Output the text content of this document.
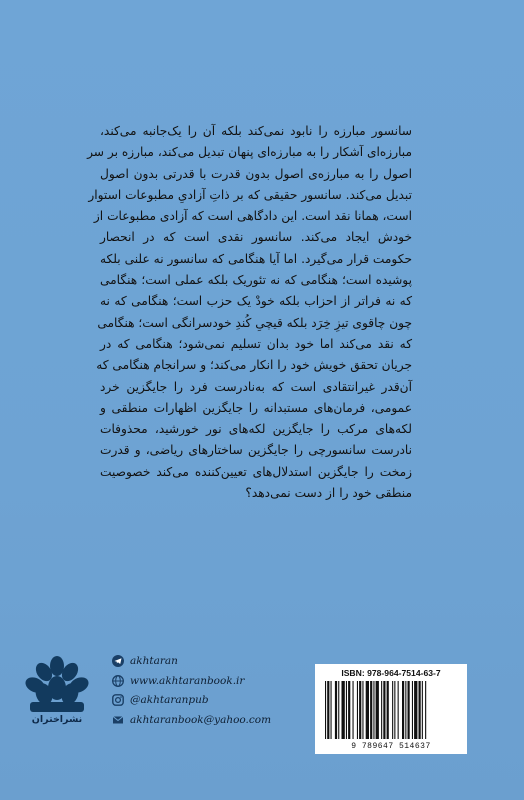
سانسور مبارزه را نابود نمی‌کند بلکه آن را یک‌جانبه می‌کند،
مبارزه‌ای آشکار را به مبارزه‌ای پنهان تبدیل می‌کند، مبارزه بر سر
اصول را به مبارزه‌ی اصول بدون قدرت با قدرتی بدون اصول
تبدیل می‌کند. سانسور حقیقی که بر ذاتِ آزادیِ مطبوعات استوار
است، همانا نقد است. این دادگاهی است که آزادی مطبوعات از
خودش ایجاد می‌کند. سانسور نقدی است که در انحصار
حکومت قرار می‌گیرد. اما آیا هنگامی که سانسور نه علنی بلکه
پوشیده است؛ هنگامی که نه تئوریک بلکه عملی است؛ هنگامی
که نه فراتر از احزاب بلکه خودْ یک حزب است؛ هنگامی که نه
چون چاقوی تیزِ خِرَد بلکه قیچیِ کُندِ خودسرانگی است؛ هنگامی
که نقد می‌کند اما خود بدان تسلیم نمی‌شود؛ هنگامی که در
جریان تحقق خویش خود را انکار می‌کند؛ و سرانجام هنگامی که
آن‌قدر غیرانتقادی است که به‌نادرست فرد را جایگزین خرد
عمومی، فرمان‌های مستبدانه را جایگزین اظهارات منطقی و
لکه‌های مرکب را جایگزین لکه‌های نور خورشید، محذوفات
نادرست سانسورچی را جایگزین ساختارهای ریاضی، و قدرت
زمخت را جایگزین استدلال‌های تعیین‌کننده می‌کند خصوصیت
منطقی خود را از دست نمی‌دهد؟
نشراختران
akhtaran
www.akhtaranbook.ir
@akhtaranpub
akhtaranbook@yahoo.com
ISBN: 978-964-7514-63-7
9 789647 514637
